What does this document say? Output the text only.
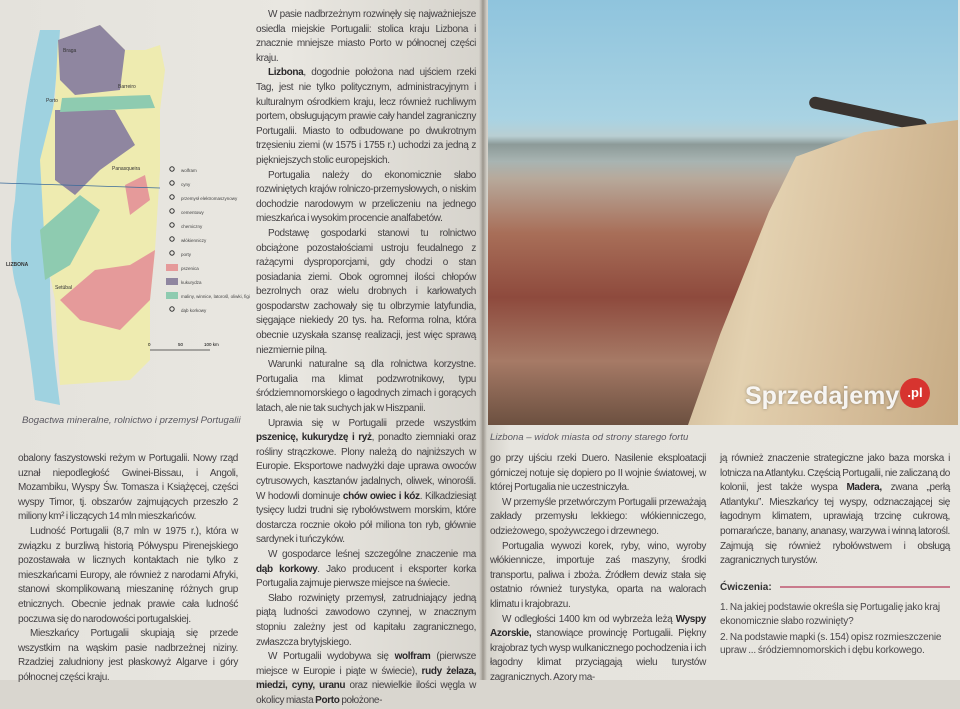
Braga
Porto
Barreiro
Panasqueira
LIZBONA
Setúbal
wolfram
cyny
przemysł elektromaszynowy
cementowy
chemiczny
włókienniczy
porty
pszenica
kukurydza
maliny, winnice, latorośl, oliwki, figi
dąb korkowy
0	50	100 km
Bogactwa mineralne, rolnictwo i przemysł Portugalii

obalony faszystowski reżym w Portugalii. Nowy rząd uznał niepodległość Gwinei-Bissau, i Angoli, Mozambiku, Wyspy Św. Tomasza i Książęcej, części wyspy Timor, tj. obszarów zajmujących przeszło 2 miliony km² i liczących 14 mln mieszkańców.

Ludność Portugalii (8,7 mln w 1975 r.), która w związku z burzliwą historią Półwyspu Pirenejskiego pozostawała w licznych kontaktach nie tylko z mieszkańcami Europy, ale również z narodami Afryki, stanowi skomplikowaną mieszaninę różnych grup etnicznych. Obecnie jednak prawie cała ludność poczuwa się do narodowości portugalskiej.

Mieszkańcy Portugalii skupiają się przede wszystkim na wąskim pasie nadbrzeżnej niziny. Rzadziej zaludniony jest płaskowyż Algarve i góry północnej części kraju.

W pasie nadbrzeżnym rozwinęły się najważniejsze osiedla miejskie Portugalii: stolica kraju Lizbona i znacznie mniejsze miasto Porto w północnej części kraju.

Lizbona, dogodnie położona nad ujściem rzeki Tag, jest nie tylko politycznym, administracyjnym i kulturalnym ośrodkiem kraju, lecz również ruchliwym portem, obsługującym prawie cały handel zagraniczny Portugalii. Miasto to odbudowane po dwukrotnym trzęsieniu ziemi (w 1575 i 1755 r.) uchodzi za jedną z piękniejszych stolic europejskich.

Portugalia należy do ekonomicznie słabo rozwiniętych krajów rolniczo-przemysłowych, o niskim dochodzie narodowym w przeliczeniu na jednego mieszkańca i wysokim procencie analfabetów.

Podstawę gospodarki stanowi tu rolnictwo obciążone pozostałościami ustroju feudalnego z rażącymi dysproporcjami, gdy chodzi o stan posiadania ziemi. Obok ogromnej ilości chłopów bezrolnych oraz wielu drobnych i karłowatych gospodarstw zachowały się tu olbrzymie latyfundia, sięgające niekiedy 20 tys. ha. Reforma rolna, która obecnie uzyskała szansę realizacji, jest więc sprawą niezmiernie pilną.

Warunki naturalne są dla rolnictwa korzystne. Portugalia ma klimat podzwrotnikowy, typu śródziemnomorskiego o łagodnych zimach i gorących latach, ale nie tak suchych jak w Hiszpanii.

Uprawia się w Portugalii przede wszystkim pszenicę, kukurydzę i ryż, ponadto ziemniaki oraz rośliny strączkowe. Plony należą do najniższych w Europie. Eksportowe nadwyżki daje uprawa owoców cytrusowych, kasztanów jadalnych, oliwek, winorośli. W hodowli dominuje chów owiec i kóz. Kilkadziesiąt tysięcy ludzi trudni się rybołówstwem morskim, które dostarcza rocznie około pół miliona ton ryb, głównie sardynek i tuńczyków.

W gospodarce leśnej szczególne znaczenie ma dąb korkowy. Jako producent i eksporter korka Portugalia zajmuje pierwsze miejsce na świecie.

Słabo rozwinięty przemysł, zatrudniający jedną piątą ludności zawodowo czynnej, w znacznym stopniu zależny jest od kapitału zagranicznego, zwłaszcza brytyjskiego.

W Portugalii wydobywa się wolfram (pierwsze miejsce w Europie i piąte w świecie), rudy żelaza, miedzi, cyny, uranu oraz niewielkie ilości węgla w okolicy miasta Porto położone-

Lizbona – widok miasta od strony starego fortu

go przy ujściu rzeki Duero. Nasilenie eksploatacji górniczej notuje się dopiero po II wojnie światowej, w której Portugalia nie uczestniczyła.

W przemyśle przetwórczym Portugalii przeważają zakłady przemysłu lekkiego: włókienniczego, odzieżowego, spożywczego i drzewnego.

Portugalia wywozi korek, ryby, wino, wyroby włókiennicze, importuje zaś maszyny, środki transportu, paliwa i zboża. Źródłem dewiz stała się ostatnio również turystyka, oparta na walorach klimatu i krajobrazu.

W odległości 1400 km od wybrzeża leżą Wyspy Azorskie, stanowiące prowincję Portugalii. Piękny krajobraz tych wysp wulkanicznego pochodzenia i ich łagodny klimat przyciągają wielu turystów zagranicznych. Azory ma-

ją również znaczenie strategiczne jako baza morska i lotnicza na Atlantyku. Częścią Portugalii, nie zaliczaną do kolonii, jest także wyspa Madera, zwana „perłą Atlantyku”. Mieszkańcy tej wyspy, odznaczającej się łagodnym klimatem, uprawiają trzcinę cukrową, pomarańcze, banany, ananasy, warzywa i winną latorośl. Zajmują się również rybołówstwem i obsługą zagranicznych turystów.

Ćwiczenia:
1. Na jakiej podstawie określa się Portugalię jako kraj ekonomicznie słabo rozwinięty?
2. Na podstawie mapki (s. 154) opisz rozmieszczenie upraw ... śródziemnomorskich i dębu korkowego.
Sprzedajemy .pl
